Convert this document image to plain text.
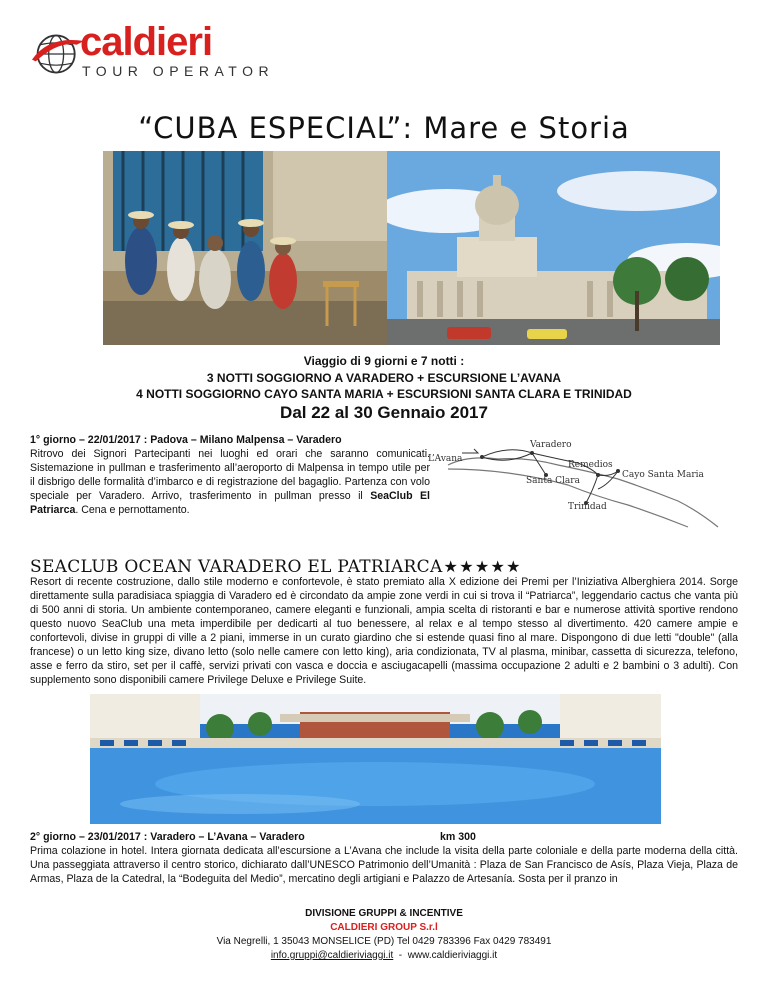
caldieri
TOUR OPERATOR
“CUBA ESPECIAL”: Mare e Storia
Viaggio di 9 giorni e 7 notti :
3 NOTTI SOGGIORNO A VARADERO + ESCURSIONE L’AVANA
4 NOTTI SOGGIORNO CAYO SANTA MARIA + ESCURSIONI SANTA CLARA E TRINIDAD
Dal 22 al 30 Gennaio 2017
1° giorno – 22/01/2017 : Padova – Milano Malpensa – Varadero
Ritrovo dei Signori Partecipanti nei luoghi ed orari che saranno comunicati. Sistemazione in pullman e trasferimento all’aeroporto di Malpensa in tempo utile per il disbrigo delle formalità d’imbarco e di registrazione del bagaglio. Partenza con volo speciale per Varadero. Arrivo, trasferimento in pullman presso il SeaClub El Patriarca. Cena e pernottamento.
L’Avana
Varadero
Remedios
Cayo Santa Maria
Santa Clara
Trinidad
SEACLUB OCEAN VARADERO EL PATRIARCA★★★★★
Resort di recente costruzione, dallo stile moderno e confortevole, è stato premiato alla X edizione dei Premi per l’Iniziativa Alberghiera 2014. Sorge direttamente sulla paradisiaca spiaggia di Varadero ed è circondato da ampie zone verdi in cui si trova il “Patriarca”, leggendario cactus che vanta più di 500 anni di storia. Un ambiente contemporaneo, camere eleganti e funzionali, ampia scelta di ristoranti e bar e numerose attività sportive rendono questo nuovo SeaClub una meta imperdibile per dedicarti al tuo benessere, al relax e al tempo stesso al divertimento. 420 camere ampie e confortevoli, divise in gruppi di ville a 2 piani, immerse in un curato giardino che si estende quasi fino al mare. Dispongono di due letti "double" (alla francese) o un letto king size, divano letto (solo nelle camere con letto king), aria condizionata, TV al plasma, minibar, cassetta di sicurezza, telefono, asse e ferro da stiro, set per il caffè, servizi privati con vasca e doccia e asciugacapelli (massima occupazione 2 adulti e 2 bambini o 3 adulti). Con supplemento sono disponibili camere Privilege Deluxe e Privilege Suite.
2° giorno – 23/01/2017 : Varadero – L’Avana – Varadero	km 300
Prima colazione in hotel. Intera giornata dedicata all’escursione a L’Avana che include la visita della parte coloniale e della parte moderna della città. Una passeggiata attraverso il centro storico, dichiarato dall’UNESCO Patrimonio dell’Umanità : Plaza de San Francisco de Asís, Plaza Vieja, Plaza de Armas, Plaza de la Catedral, la “Bodeguita del Medio”, mercatino degli artigiani e Palazzo de Artesanía. Sosta per il pranzo in
DIVISIONE GRUPPI & INCENTIVE
CALDIERI GROUP S.r.l
Via Negrelli, 1 35043 MONSELICE (PD) Tel 0429 783396 Fax 0429 783491
info.gruppi@caldieriviaggi.it  -  www.caldieriviaggi.it
